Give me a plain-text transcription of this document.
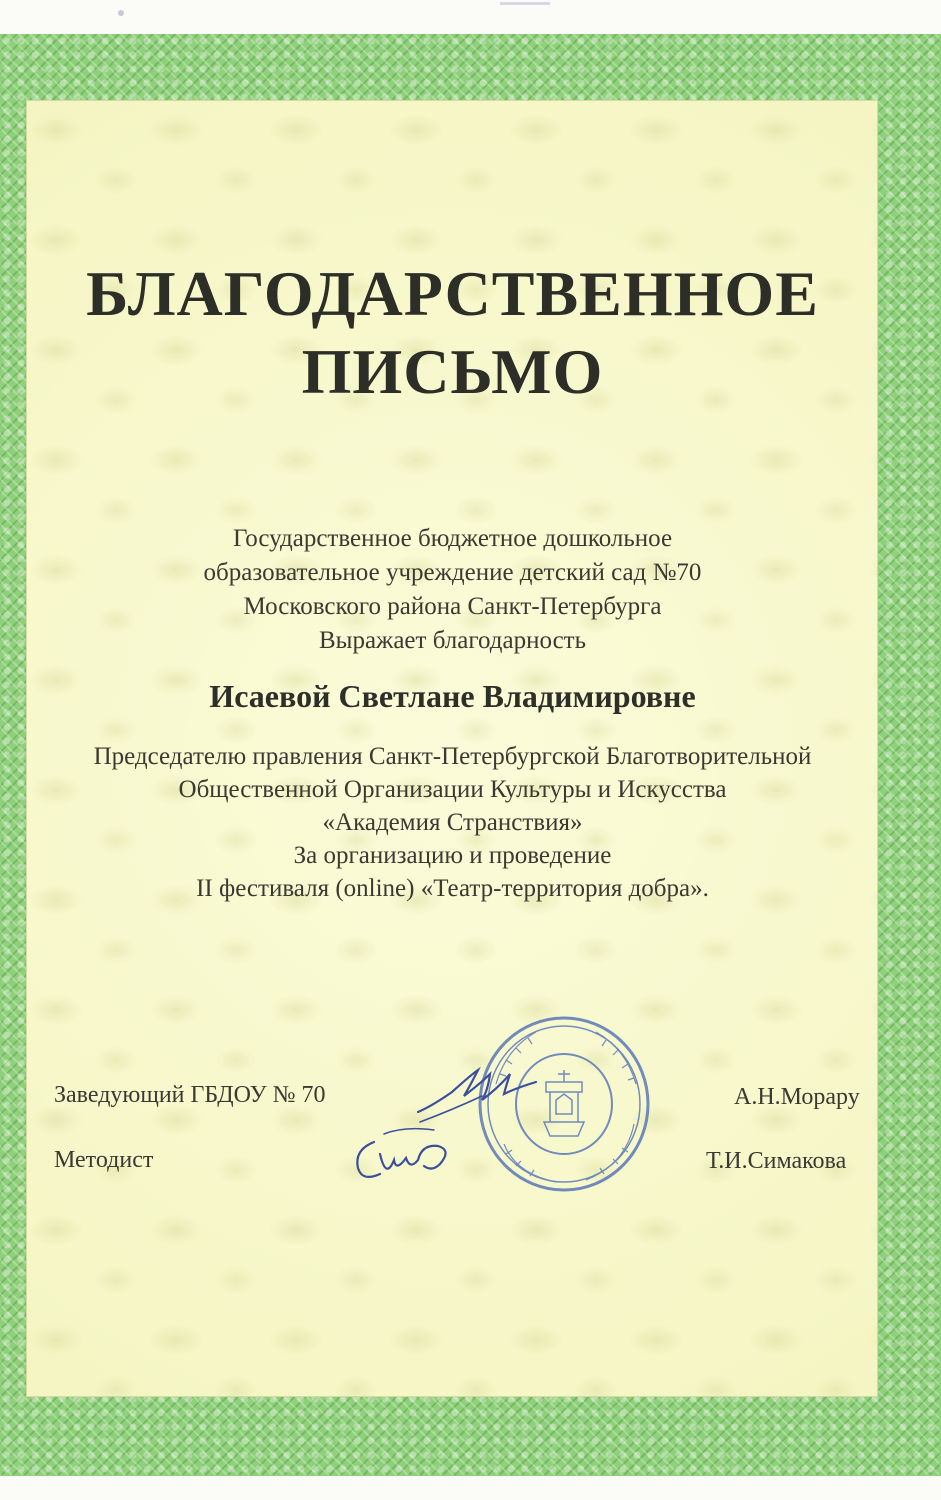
БЛАГОДАРСТВЕННОЕ
ПИСЬМО
Государственное бюджетное дошкольное
образовательное учреждение детский сад №70
Московского района Санкт-Петербурга
Выражает благодарность
Исаевой Светлане Владимировне
Председателю правления Санкт-Петербургской Благотворительной
Общественной Организации Культуры и Искусства
«Академия Странствия»
За организацию и проведение
II фестиваля (online) «Театр-территория добра».
Заведующий ГБДОУ № 70	А.Н.Морару
Методист	Т.И.Симакова
